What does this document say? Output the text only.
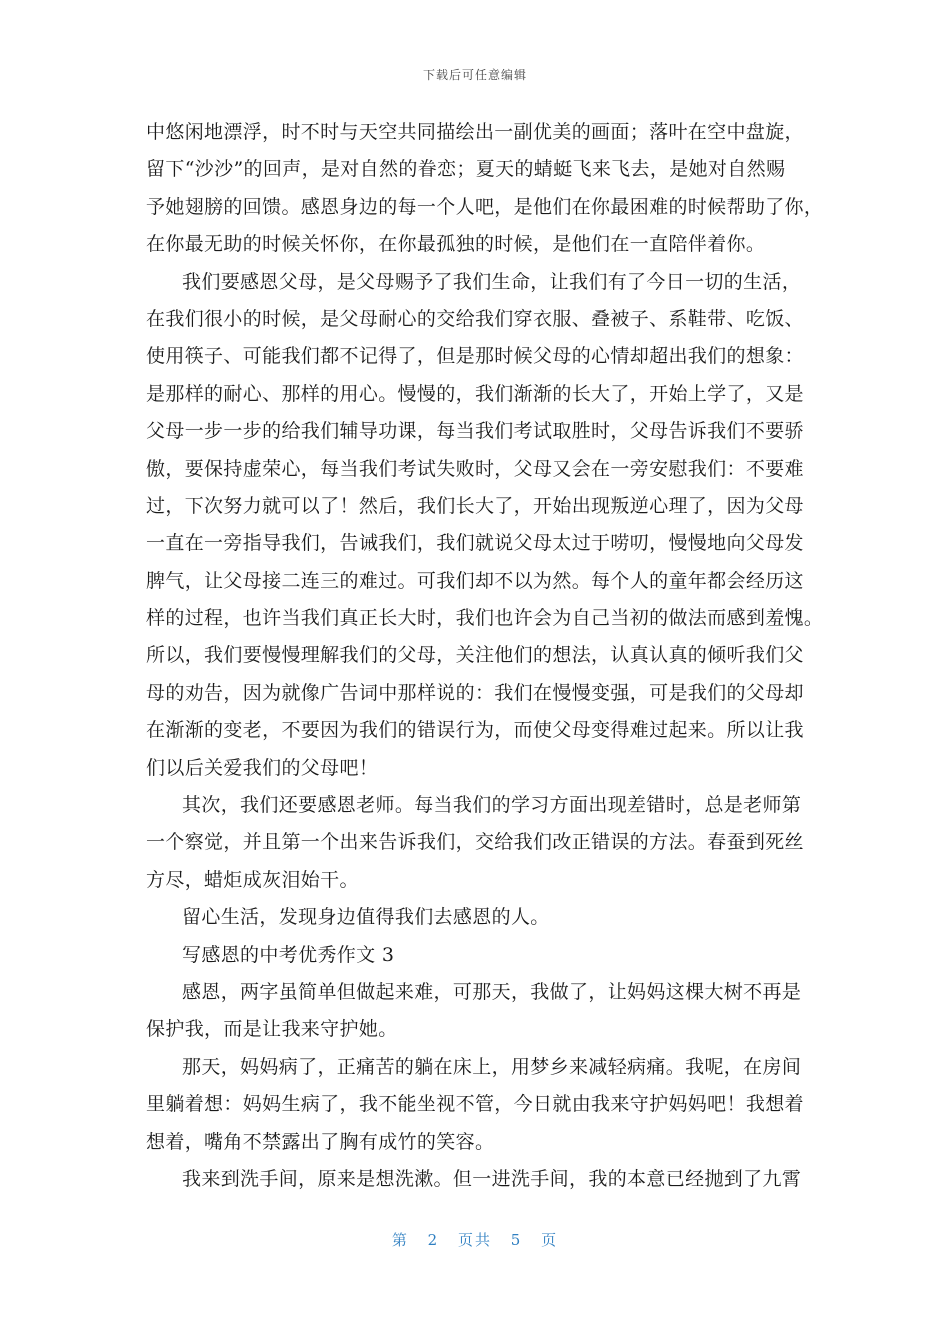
下载后可任意编辑
中悠闲地漂浮，时不时与天空共同描绘出一副优美的画面；落叶在空中盘旋，
留下“沙沙”的回声，是对自然的眷恋；夏天的蜻蜓飞来飞去，是她对自然赐
予她翅膀的回馈。感恩身边的每一个人吧，是他们在你最困难的时候帮助了你，
在你最无助的时候关怀你，在你最孤独的时候，是他们在一直陪伴着你。
我们要感恩父母，是父母赐予了我们生命，让我们有了今日一切的生活，
在我们很小的时候，是父母耐心的交给我们穿衣服、叠被子、系鞋带、吃饭、
使用筷子、可能我们都不记得了，但是那时候父母的心情却超出我们的想象：
是那样的耐心、那样的用心。慢慢的，我们渐渐的长大了，开始上学了，又是
父母一步一步的给我们辅导功课，每当我们考试取胜时，父母告诉我们不要骄
傲，要保持虚荣心，每当我们考试失败时，父母又会在一旁安慰我们：不要难
过，下次努力就可以了！然后，我们长大了，开始出现叛逆心理了，因为父母
一直在一旁指导我们，告诫我们，我们就说父母太过于唠叨，慢慢地向父母发
脾气，让父母接二连三的难过。可我们却不以为然。每个人的童年都会经历这
样的过程，也许当我们真正长大时，我们也许会为自己当初的做法而感到羞愧。
所以，我们要慢慢理解我们的父母，关注他们的想法，认真认真的倾听我们父
母的劝告，因为就像广告词中那样说的：我们在慢慢变强，可是我们的父母却
在渐渐的变老，不要因为我们的错误行为，而使父母变得难过起来。所以让我
们以后关爱我们的父母吧！
其次，我们还要感恩老师。每当我们的学习方面出现差错时，总是老师第
一个察觉，并且第一个出来告诉我们，交给我们改正错误的方法。春蚕到死丝
方尽，蜡炬成灰泪始干。
留心生活，发现身边值得我们去感恩的人。
写感恩的中考优秀作文 3
感恩，两字虽简单但做起来难，可那天，我做了，让妈妈这棵大树不再是
保护我，而是让我来守护她。
那天，妈妈病了，正痛苦的躺在床上，用梦乡来减轻病痛。我呢，在房间
里躺着想：妈妈生病了，我不能坐视不管，今日就由我来守护妈妈吧！我想着
想着，嘴角不禁露出了胸有成竹的笑容。
我来到洗手间，原来是想洗漱。但一进洗手间，我的本意已经抛到了九霄
第 2 页共 5 页
